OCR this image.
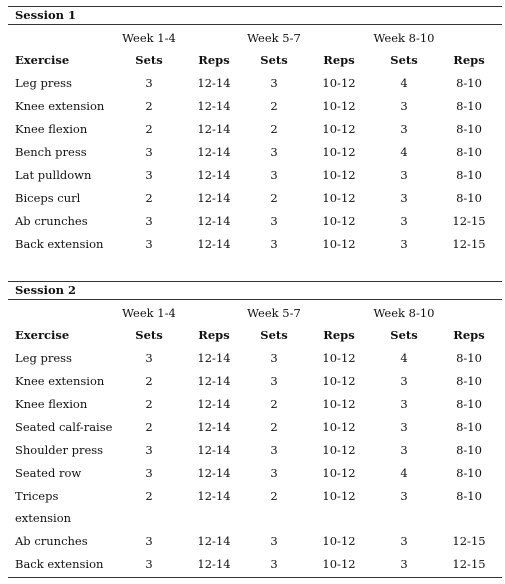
Session 1
Week 1-4	Week 5-7	Week 8-10
Exercise	Sets	Reps	Sets	Reps	Sets	Reps
Leg press	3	12-14	3	10-12	4	8-10
Knee extension	2	12-14	2	10-12	3	8-10
Knee flexion	2	12-14	2	10-12	3	8-10
Bench press	3	12-14	3	10-12	4	8-10
Lat pulldown	3	12-14	3	10-12	3	8-10
Biceps curl	2	12-14	2	10-12	3	8-10
Ab crunches	3	12-14	3	10-12	3	12-15
Back extension	3	12-14	3	10-12	3	12-15
Session 2
Week 1-4	Week 5-7	Week 8-10
Exercise	Sets	Reps	Sets	Reps	Sets	Reps
Leg press	3	12-14	3	10-12	4	8-10
Knee extension	2	12-14	3	10-12	3	8-10
Knee flexion	2	12-14	2	10-12	3	8-10
Seated calf-raise	2	12-14	2	10-12	3	8-10
Shoulder press	3	12-14	3	10-12	3	8-10
Seated row	3	12-14	3	10-12	4	8-10
Triceps	2	12-14	2	10-12	3	8-10
extension
Ab crunches	3	12-14	3	10-12	3	12-15
Back extension	3	12-14	3	10-12	3	12-15
